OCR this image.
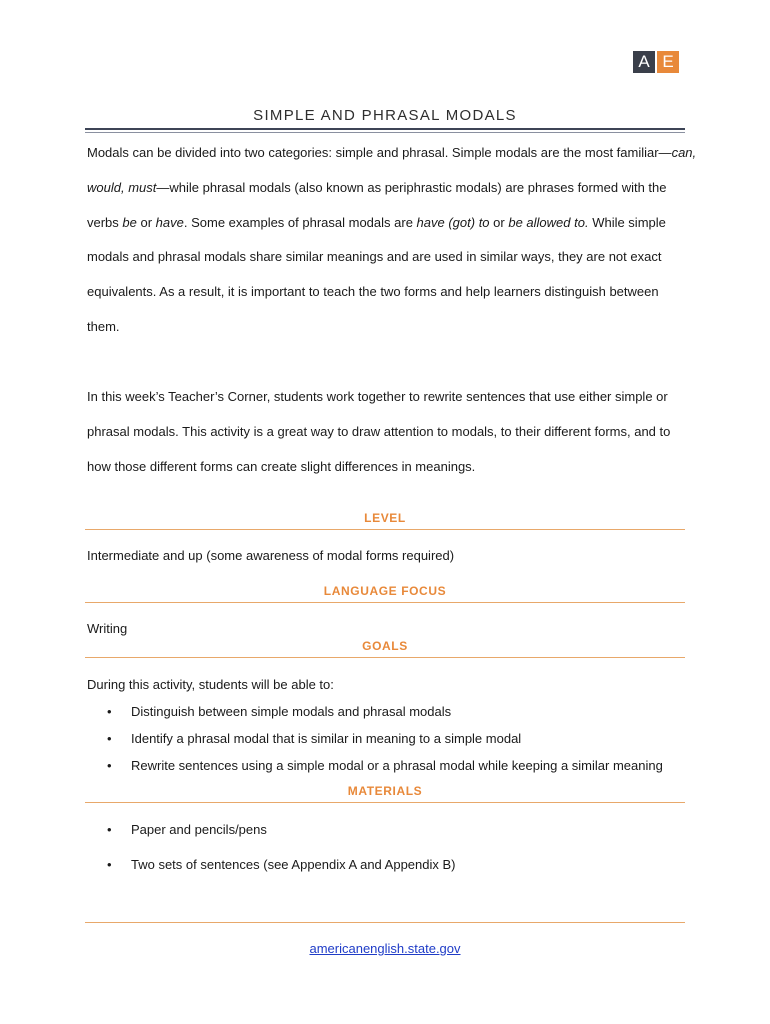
A E
SIMPLE AND PHRASAL MODALS
Modals can be divided into two categories: simple and phrasal. Simple modals are the most familiar—can,
would, must—while phrasal modals (also known as periphrastic modals) are phrases formed with the
verbs be or have. Some examples of phrasal modals are have (got) to or be allowed to. While simple
modals and phrasal modals share similar meanings and are used in similar ways, they are not exact
equivalents. As a result, it is important to teach the two forms and help learners distinguish between
them.
In this week’s Teacher’s Corner, students work together to rewrite sentences that use either simple or
phrasal modals. This activity is a great way to draw attention to modals, to their different forms, and to
how those different forms can create slight differences in meanings.
LEVEL
Intermediate and up (some awareness of modal forms required)
LANGUAGE FOCUS
Writing
GOALS
During this activity, students will be able to:
• Distinguish between simple modals and phrasal modals
• Identify a phrasal modal that is similar in meaning to a simple modal
• Rewrite sentences using a simple modal or a phrasal modal while keeping a similar meaning
MATERIALS
• Paper and pencils/pens
• Two sets of sentences (see Appendix A and Appendix B)
americanenglish.state.gov
